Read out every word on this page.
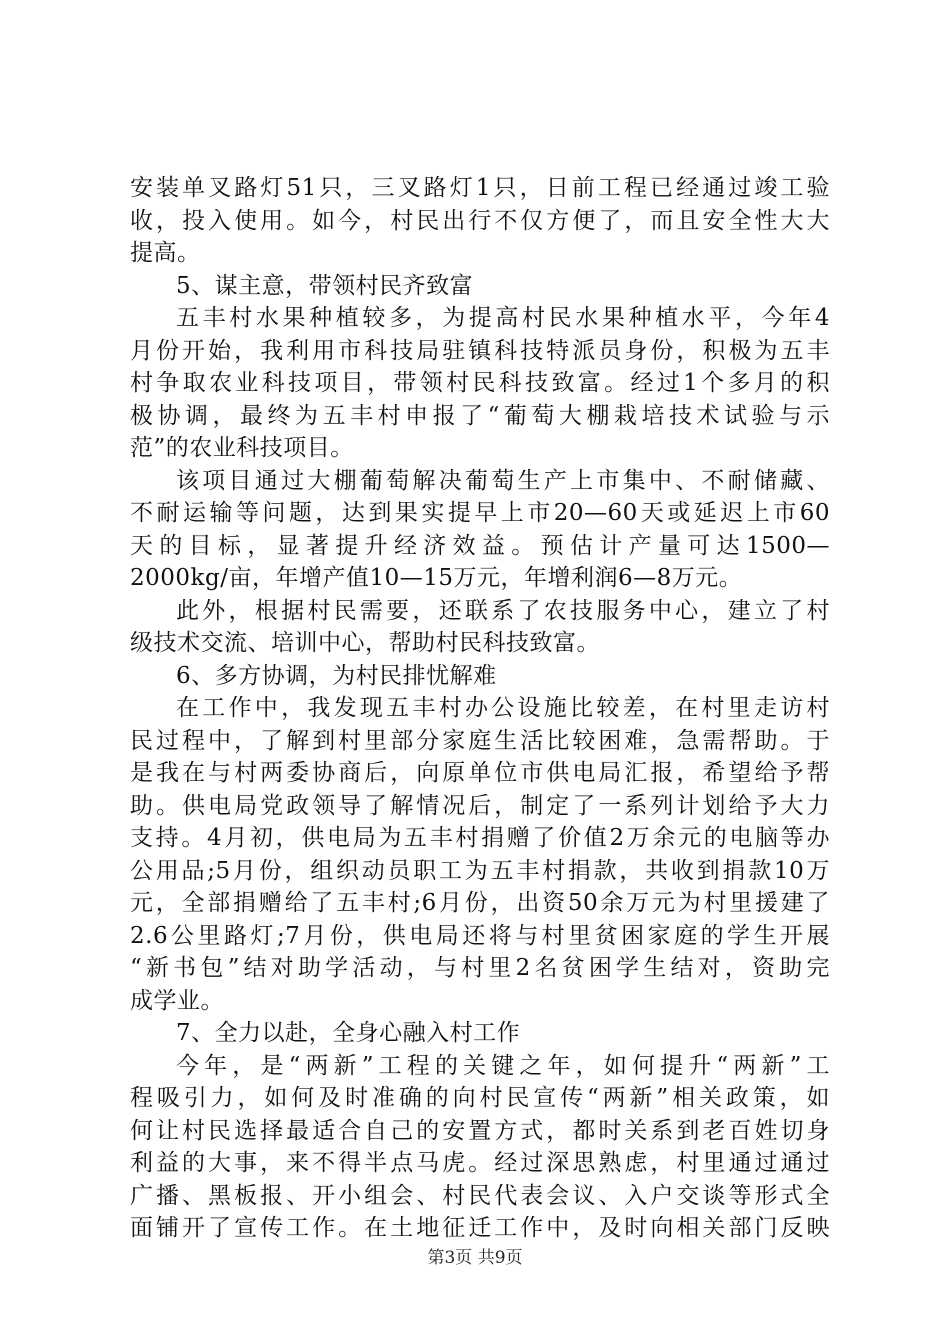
安装单叉路灯51只，三叉路灯1只，日前工程已经通过竣工验
收，投入使用。如今，村民出行不仅方便了，而且安全性大大
提高。
5、谋主意，带领村民齐致富
五丰村水果种植较多，为提高村民水果种植水平，今年4
月份开始，我利用市科技局驻镇科技特派员身份，积极为五丰
村争取农业科技项目，带领村民科技致富。经过1个多月的积
极协调，最终为五丰村申报了“葡萄大棚栽培技术试验与示
范”的农业科技项目。
该项目通过大棚葡萄解决葡萄生产上市集中、不耐储藏、
不耐运输等问题，达到果实提早上市20—60天或延迟上市60
天的目标，显著提升经济效益。预估计产量可达1500—
2000kg/亩，年增产值10—15万元，年增利润6—8万元。
此外，根据村民需要，还联系了农技服务中心，建立了村
级技术交流、培训中心，帮助村民科技致富。
6、多方协调，为村民排忧解难
在工作中，我发现五丰村办公设施比较差，在村里走访村
民过程中，了解到村里部分家庭生活比较困难，急需帮助。于
是我在与村两委协商后，向原单位市供电局汇报，希望给予帮
助。供电局党政领导了解情况后，制定了一系列计划给予大力
支持。4月初，供电局为五丰村捐赠了价值2万余元的电脑等办
公用品;5月份，组织动员职工为五丰村捐款，共收到捐款10万
元，全部捐赠给了五丰村;6月份，出资50余万元为村里援建了
2.6公里路灯;7月份，供电局还将与村里贫困家庭的学生开展
“新书包”结对助学活动，与村里2名贫困学生结对，资助完
成学业。
7、全力以赴，全身心融入村工作
今年，是“两新”工程的关键之年，如何提升“两新”工
程吸引力，如何及时准确的向村民宣传“两新”相关政策，如
何让村民选择最适合自己的安置方式，都时关系到老百姓切身
利益的大事，来不得半点马虎。经过深思熟虑，村里通过通过
广播、黑板报、开小组会、村民代表会议、入户交谈等形式全
面铺开了宣传工作。在土地征迁工作中，及时向相关部门反映
第3页 共9页
